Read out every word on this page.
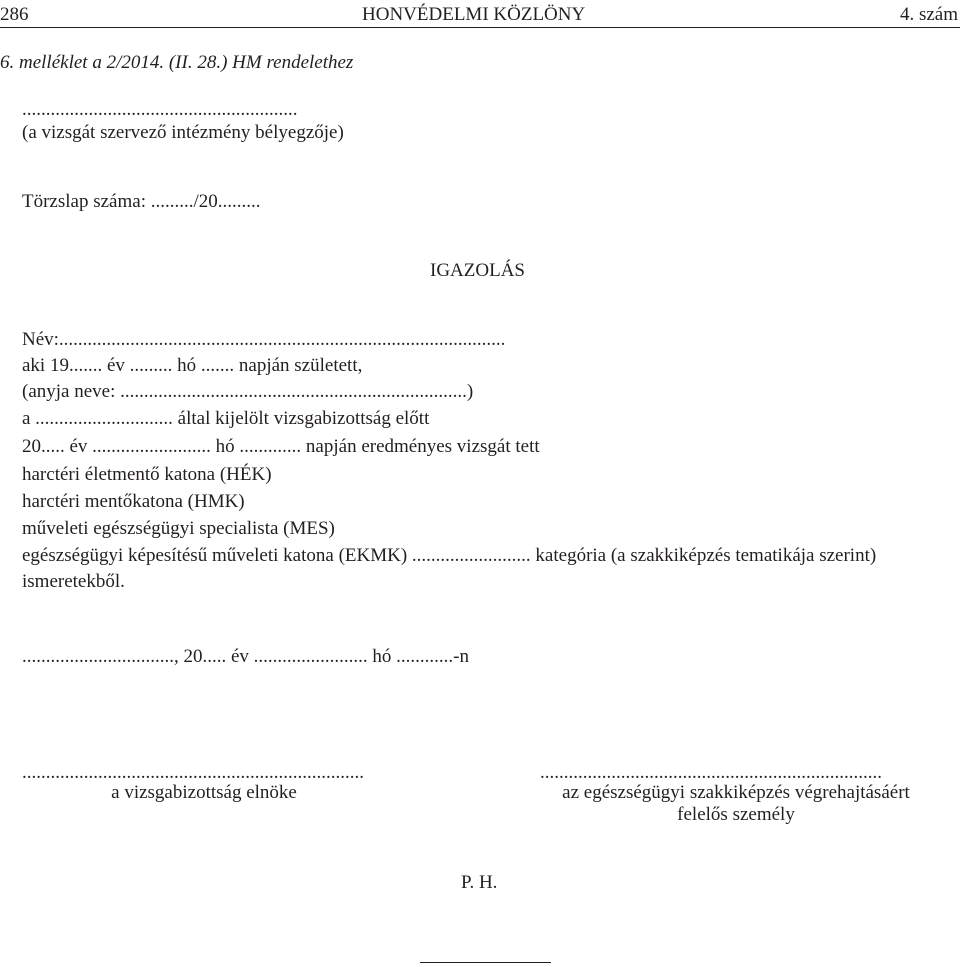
286	HONVÉDELMI KÖZLÖNY	4. szám
6. melléklet a 2/2014. (II. 28.) HM rendelethez
..........................................................
(a vizsgát szervező intézmény bélyegzője)
Törzslap száma: ........./20.........
IGAZOLÁS
Név:..............................................................................................
aki 19....... év ......... hó ....... napján született,
(anyja neve: .........................................................................)
a ............................. által kijelölt vizsgabizottság előtt
20..... év ......................... hó ............. napján eredményes vizsgát tett
harctéri életmentő katona (HÉK)
harctéri mentőkatona (HMK)
műveleti egészségügyi specialista (MES)
egészségügyi képesítésű műveleti katona (EKMK) ......................... kategória (a szakkiképzés tematikája szerint)
ismeretekből.
................................, 20..... év ........................ hó ............-n
........................................................................
a vizsgabizottság elnöke
........................................................................
az egészségügyi szakkiképzés végrehajtásáért
felelős személy
P. H.
